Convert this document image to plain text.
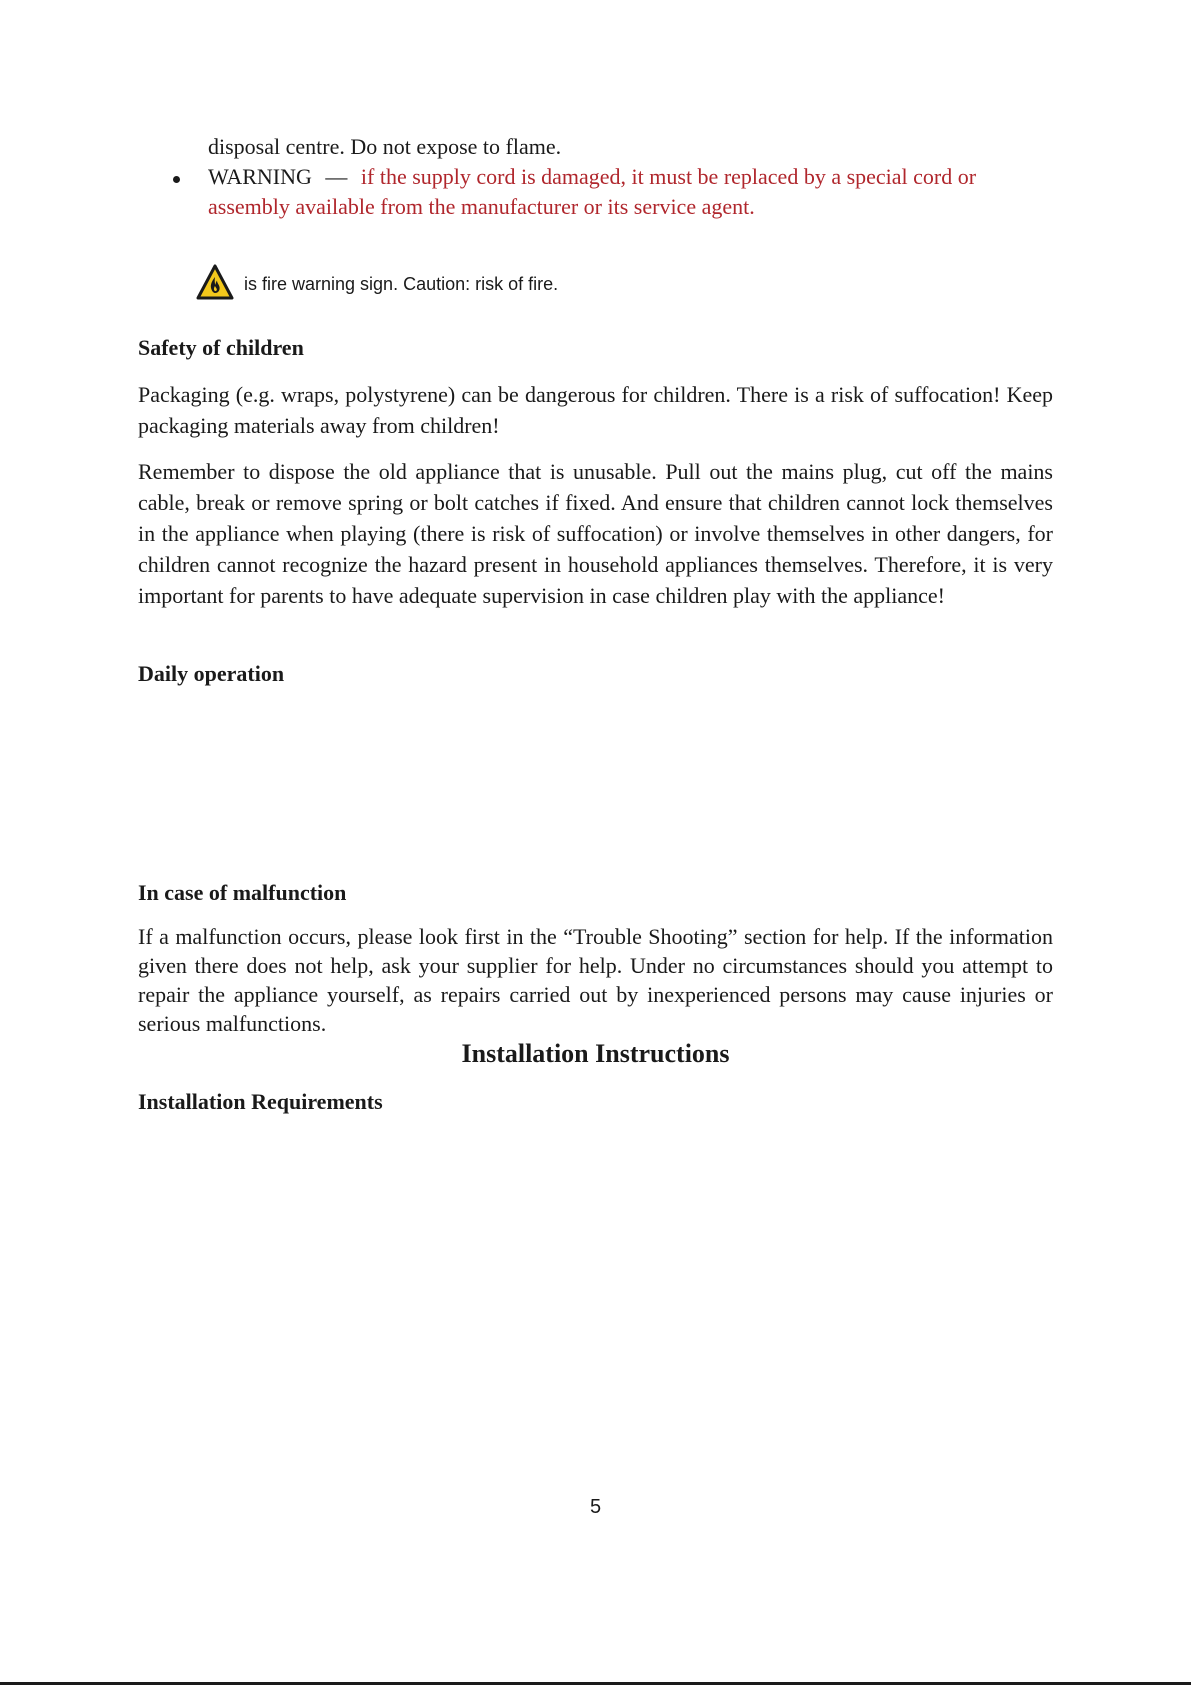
disposal centre. Do not expose to flame.
WARNING — if the supply cord is damaged, it must be replaced by a special cord or
assembly available from the manufacturer or its service agent.
is fire warning sign. Caution: risk of fire.
Safety of children
Packaging (e.g. wraps, polystyrene) can be dangerous for children. There is a risk of suffocation! Keep packaging materials away from children!
Remember to dispose the old appliance that is unusable. Pull out the mains plug, cut off the mains cable, break or remove spring or bolt catches if fixed. And ensure that children cannot lock themselves in the appliance when playing (there is risk of suffocation) or involve themselves in other dangers, for children cannot recognize the hazard present in household appliances themselves. Therefore, it is very important for parents to have adequate supervision in case children play with the appliance!
Daily operation
In case of malfunction
If a malfunction occurs, please look first in the “Trouble Shooting” section for help. If the information given there does not help, ask your supplier for help. Under no circumstances should you attempt to repair the appliance yourself, as repairs carried out by inexperienced persons may cause injuries or serious malfunctions.
Installation Instructions
Installation Requirements
5
